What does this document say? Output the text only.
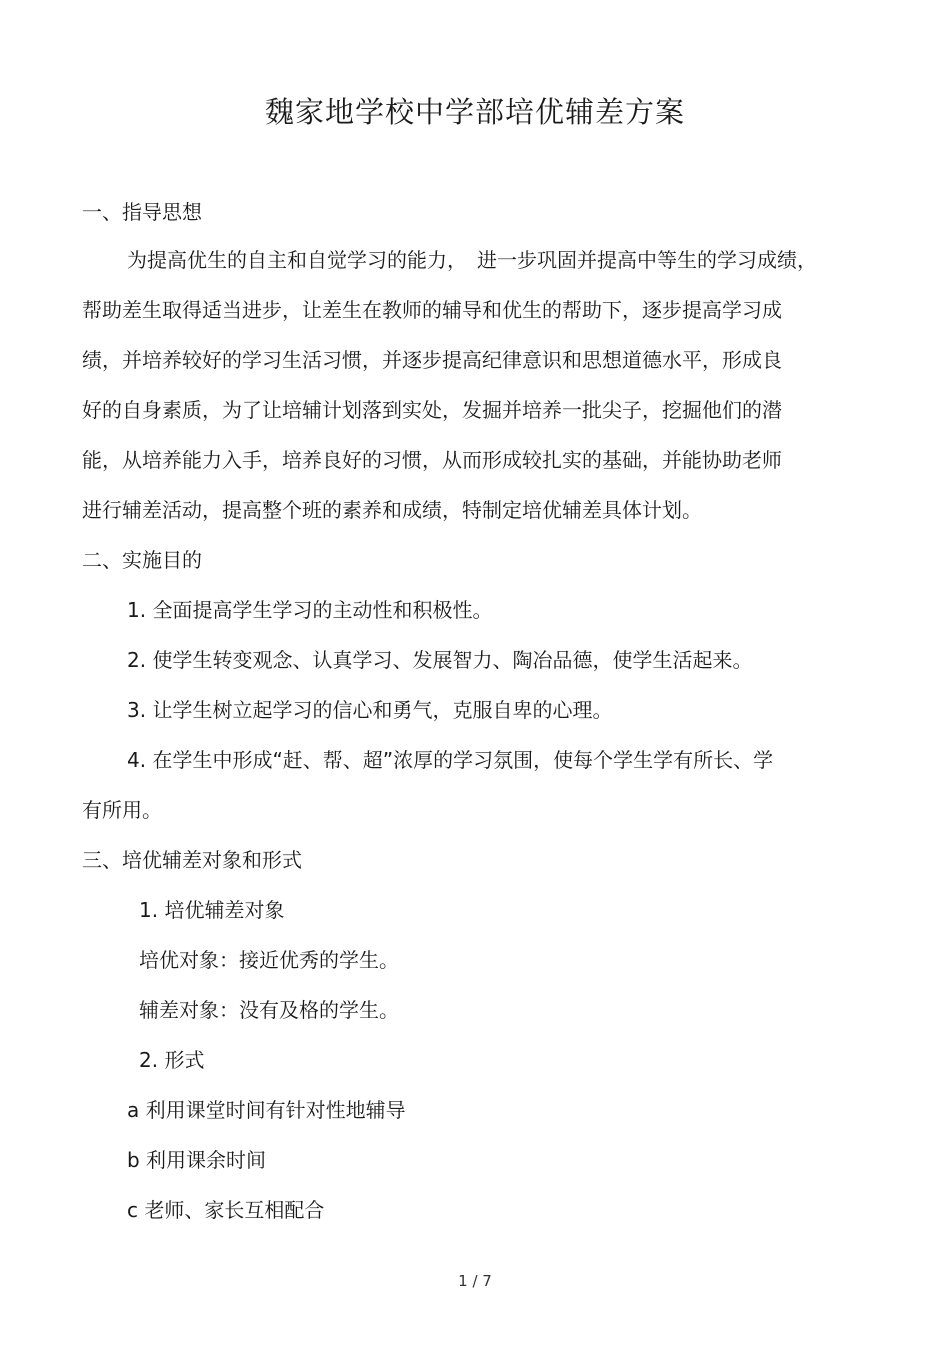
魏家地学校中学部培优辅差方案
一、指导思想
为提高优生的自主和自觉学习的能力，　进一步巩固并提高中等生的学习成绩，
帮助差生取得适当进步，让差生在教师的辅导和优生的帮助下，逐步提高学习成
绩，并培养较好的学习生活习惯，并逐步提高纪律意识和思想道德水平，形成良
好的自身素质，为了让培辅计划落到实处，发掘并培养一批尖子，挖掘他们的潜
能，从培养能力入手，培养良好的习惯，从而形成较扎实的基础，并能协助老师
进行辅差活动，提高整个班的素养和成绩，特制定培优辅差具体计划。
二、实施目的
1. 全面提高学生学习的主动性和积极性。
2. 使学生转变观念、认真学习、发展智力、陶冶品德，使学生活起来。
3. 让学生树立起学习的信心和勇气，克服自卑的心理。
4. 在学生中形成“赶、帮、超”浓厚的学习氛围，使每个学生学有所长、学
有所用。
三、培优辅差对象和形式
1. 培优辅差对象
培优对象：接近优秀的学生。
辅差对象：没有及格的学生。
2. 形式
a 利用课堂时间有针对性地辅导
b 利用课余时间
c 老师、家长互相配合
1 / 7
